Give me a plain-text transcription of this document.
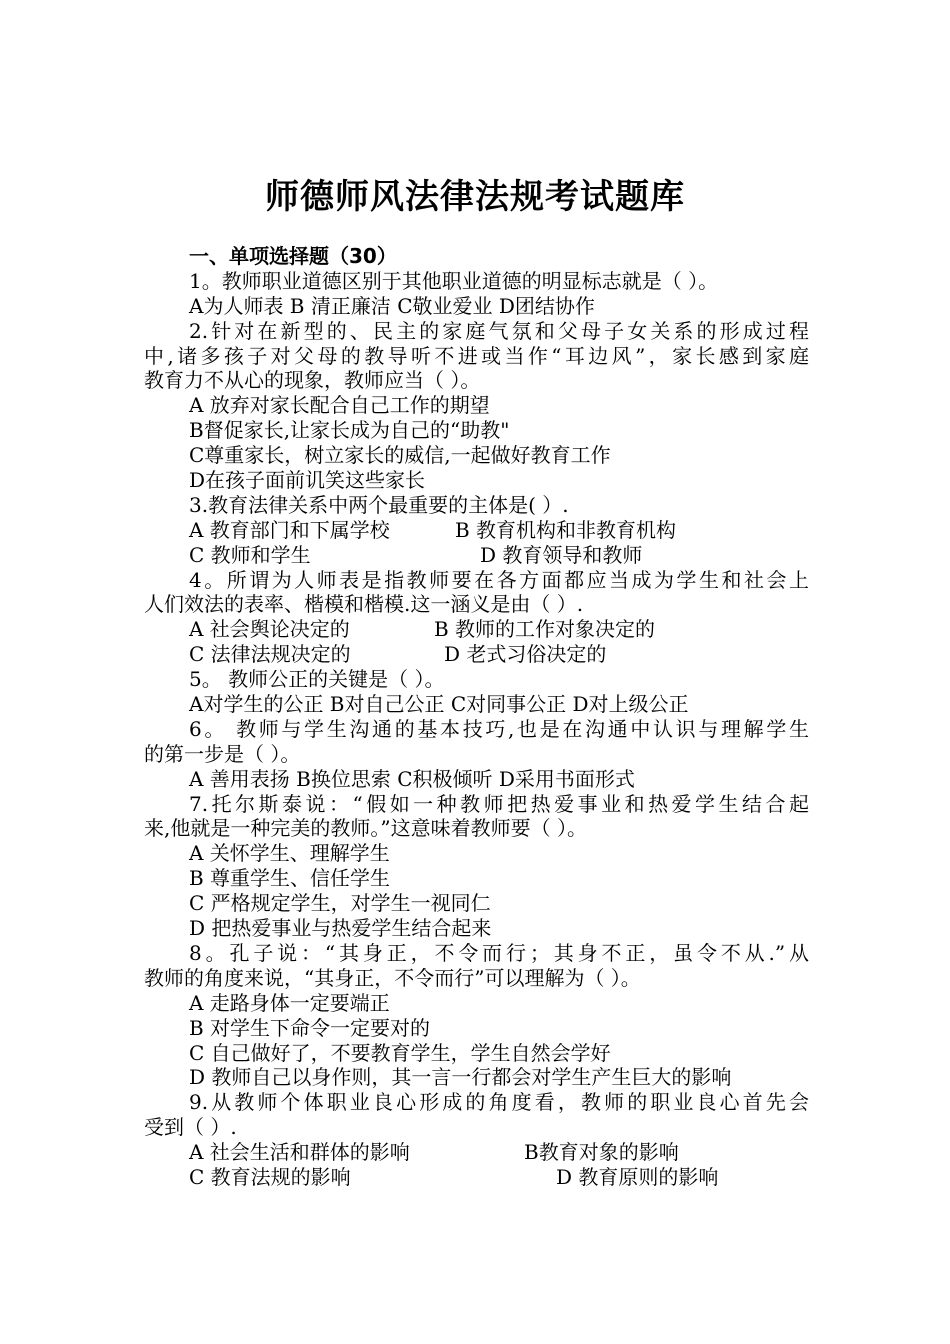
师德师风法律法规考试题库
一、单项选择题（30）
1。教师职业道德区别于其他职业道德的明显标志就是（ ）。
A为人师表 B 清正廉洁 C敬业爱业 D团结协作
2.针对在新型的、民主的家庭气氛和父母子女关系的形成过程
中,诸多孩子对父母的教导听不进或当作“耳边风”，家长感到家庭
教育力不从心的现象，教师应当（ ）。
A 放弃对家长配合自己工作的期望
B督促家长,让家长成为自己的“助教"
C尊重家长，树立家长的威信,一起做好教育工作
D在孩子面前讥笑这些家长
3.教育法律关系中两个最重要的主体是( ）.
A 教育部门和下属学校	B 教育机构和非教育机构
C 教师和学生	D 教育领导和教师
4。所谓为人师表是指教师要在各方面都应当成为学生和社会上
人们效法的表率、楷模和楷模.这一涵义是由（ ）.
A 社会舆论决定的	B 教师的工作对象决定的
C 法律法规决定的	D 老式习俗决定的
5。 教师公正的关键是（ ）。
A对学生的公正 B对自己公正 C对同事公正 D对上级公正
6。 教师与学生沟通的基本技巧,也是在沟通中认识与理解学生
的第一步是（ ）。
A 善用表扬 B换位思索 C积极倾听 D采用书面形式
7.托尔斯泰说：“假如一种教师把热爱事业和热爱学生结合起
来,他就是一种完美的教师。”这意味着教师要（ ）。
A 关怀学生、理解学生
B 尊重学生、信任学生
C 严格规定学生，对学生一视同仁
D 把热爱事业与热爱学生结合起来
8。孔子说：“其身正，不令而行；其身不正，虽令不从.”从
教师的角度来说，“其身正，不令而行”可以理解为（ ）。
A 走路身体一定要端正
B 对学生下命令一定要对的
C 自己做好了，不要教育学生，学生自然会学好
D 教师自己以身作则，其一言一行都会对学生产生巨大的影响
9.从教师个体职业良心形成的角度看，教师的职业良心首先会
受到（ ）.
A 社会生活和群体的影响	B教育对象的影响
C 教育法规的影响	D 教育原则的影响
